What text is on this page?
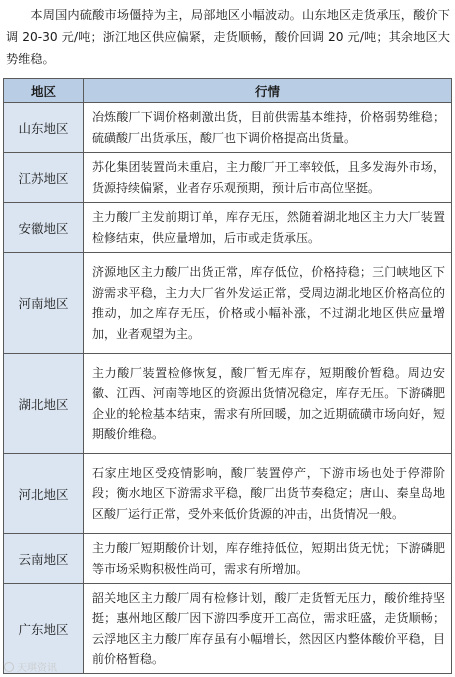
本周国内硫酸市场僵持为主，局部地区小幅波动。山东地区走货承压，酸价下调 20-30 元/吨；浙江地区供应偏紧，走货顺畅，酸价回调 20 元/吨；其余地区大势维稳。

地区	行情
山东地区	冶炼酸厂下调价格刺激出货，目前供需基本维持，价格弱势维稳；硫磺酸厂出货承压，酸厂也下调价格提高出货量。
江苏地区	苏化集团装置尚未重启，主力酸厂开工率较低，且多发海外市场，货源持续偏紧，业者存乐观预期，预计后市高位坚挺。
安徽地区	主力酸厂主发前期订单，库存无压，然随着湖北地区主力大厂装置检修结束，供应量增加，后市或走货承压。
河南地区	济源地区主力酸厂出货正常，库存低位，价格持稳；三门峡地区下游需求平稳，主力大厂省外发运正常，受周边湖北地区价格高位的推动，加之库存无压，价格或小幅补涨，不过湖北地区供应量增加，业者观望为主。
湖北地区	主力酸厂装置检修恢复，酸厂暂无库存，短期酸价暂稳。周边安徽、江西、河南等地区的资源出货情况稳定，库存无压。下游磷肥企业的轮检基本结束，需求有所回暖，加之近期硫磺市场向好，短期酸价维稳。
河北地区	石家庄地区受疫情影响，酸厂装置停产，下游市场也处于停滞阶段；衡水地区下游需求平稳，酸厂出货节奏稳定；唐山、秦皇岛地区酸厂运行正常，受外来低价货源的冲击，出货情况一般。
云南地区	主力酸厂短期酸价计划，库存维持低位，短期出货无忧；下游磷肥等市场采购积极性尚可，需求有所增加。
广东地区	韶关地区主力酸厂周有检修计划，酸厂走货暂无压力，酸价维持坚挺；惠州地区酸厂因下游四季度开工高位，需求旺盛，走货顺畅；云浮地区主力酸厂库存虽有小幅增长，然因区内整体酸价平稳，目前价格暂稳。
天琪资讯
